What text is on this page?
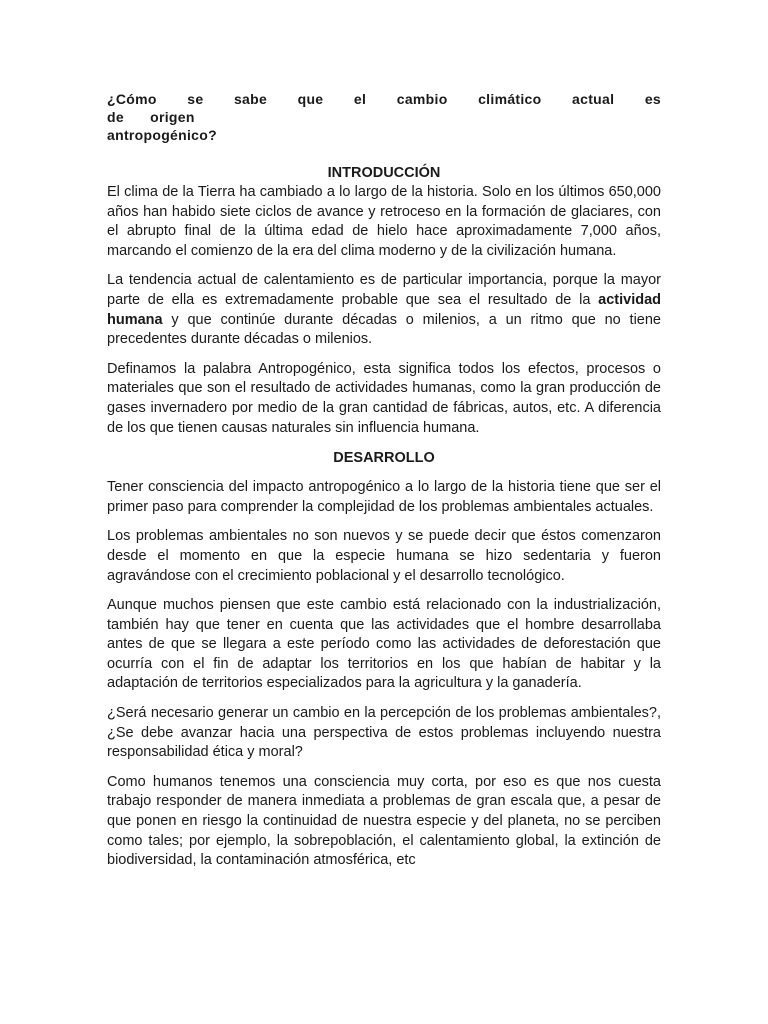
¿Cómo se sabe que el cambio climático actual es de origen
antropogénico?
INTRODUCCIÓN

El clima de la Tierra ha cambiado a lo largo de la historia. Solo en los últimos 650,000 años han habido siete ciclos de avance y retroceso en la formación de glaciares, con el abrupto final de la última edad de hielo hace aproximadamente 7,000 años, marcando el comienzo de la era del clima moderno y de la civilización humana.

La tendencia actual de calentamiento es de particular importancia, porque la mayor parte de ella es extremadamente probable que sea el resultado de la actividad humana y que continúe durante décadas o milenios, a un ritmo que no tiene precedentes durante décadas o milenios.

Definamos la palabra Antropogénico, esta significa todos los efectos, procesos o materiales que son el resultado de actividades humanas, como la gran producción de gases invernadero por medio de la gran cantidad de fábricas, autos, etc. A diferencia de los que tienen causas naturales sin influencia humana.

DESARROLLO

Tener consciencia del impacto antropogénico a lo largo de la historia tiene que ser el primer paso para comprender la complejidad de los problemas ambientales actuales.

Los problemas ambientales no son nuevos y se puede decir que éstos comenzaron desde el momento en que la especie humana se hizo sedentaria y fueron agravándose con el crecimiento poblacional y el desarrollo tecnológico.

Aunque muchos piensen que este cambio está relacionado con la industrialización, también hay que tener en cuenta que las actividades que el hombre desarrollaba antes de que se llegara a este período como las actividades de deforestación que ocurría con el fin de adaptar los territorios en los que habían de habitar y la adaptación de territorios especializados para la agricultura y la ganadería.

¿Será necesario generar un cambio en la percepción de los problemas ambientales?, ¿Se debe avanzar hacia una perspectiva de estos problemas incluyendo nuestra responsabilidad ética y moral?

Como humanos tenemos una consciencia muy corta, por eso es que nos cuesta trabajo responder de manera inmediata a problemas de gran escala que, a pesar de que ponen en riesgo la continuidad de nuestra especie y del planeta, no se perciben como tales; por ejemplo, la sobrepoblación, el calentamiento global, la extinción de biodiversidad, la contaminación atmosférica, etc
